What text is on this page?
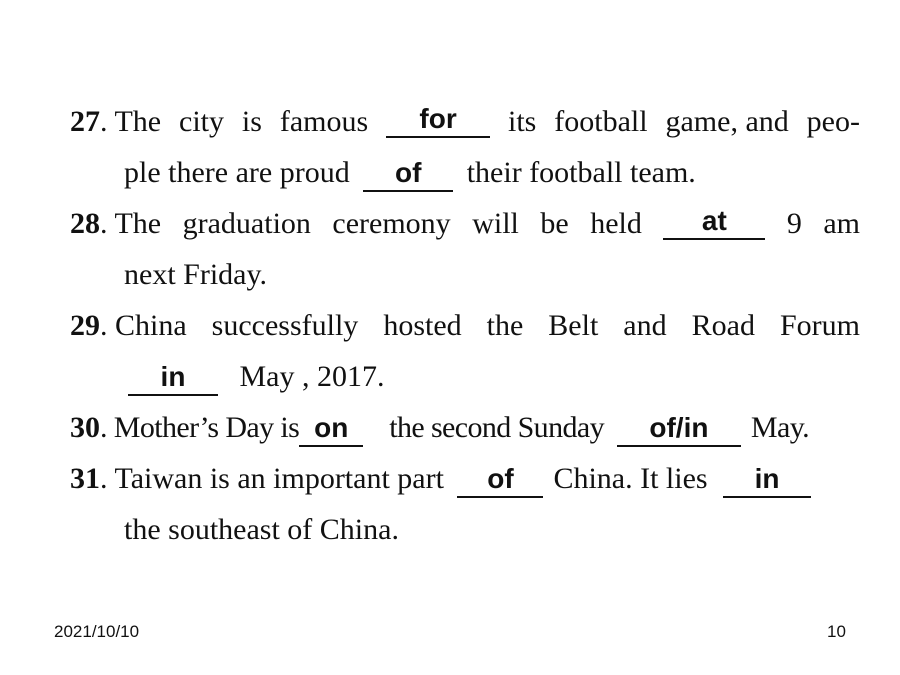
27. The city is famous	for	its football game, and peo-
ple there are proud of their football team.
28. The graduation ceremony will be held	at	9 am
next Friday.
29. China successfully hosted the Belt and Road Forum
in May , 2017.
30. Mother’s Day is on the second Sunday of/in May.
31. Taiwan is an important part of China. It lies in
the southeast of China.
2021/10/10	10
